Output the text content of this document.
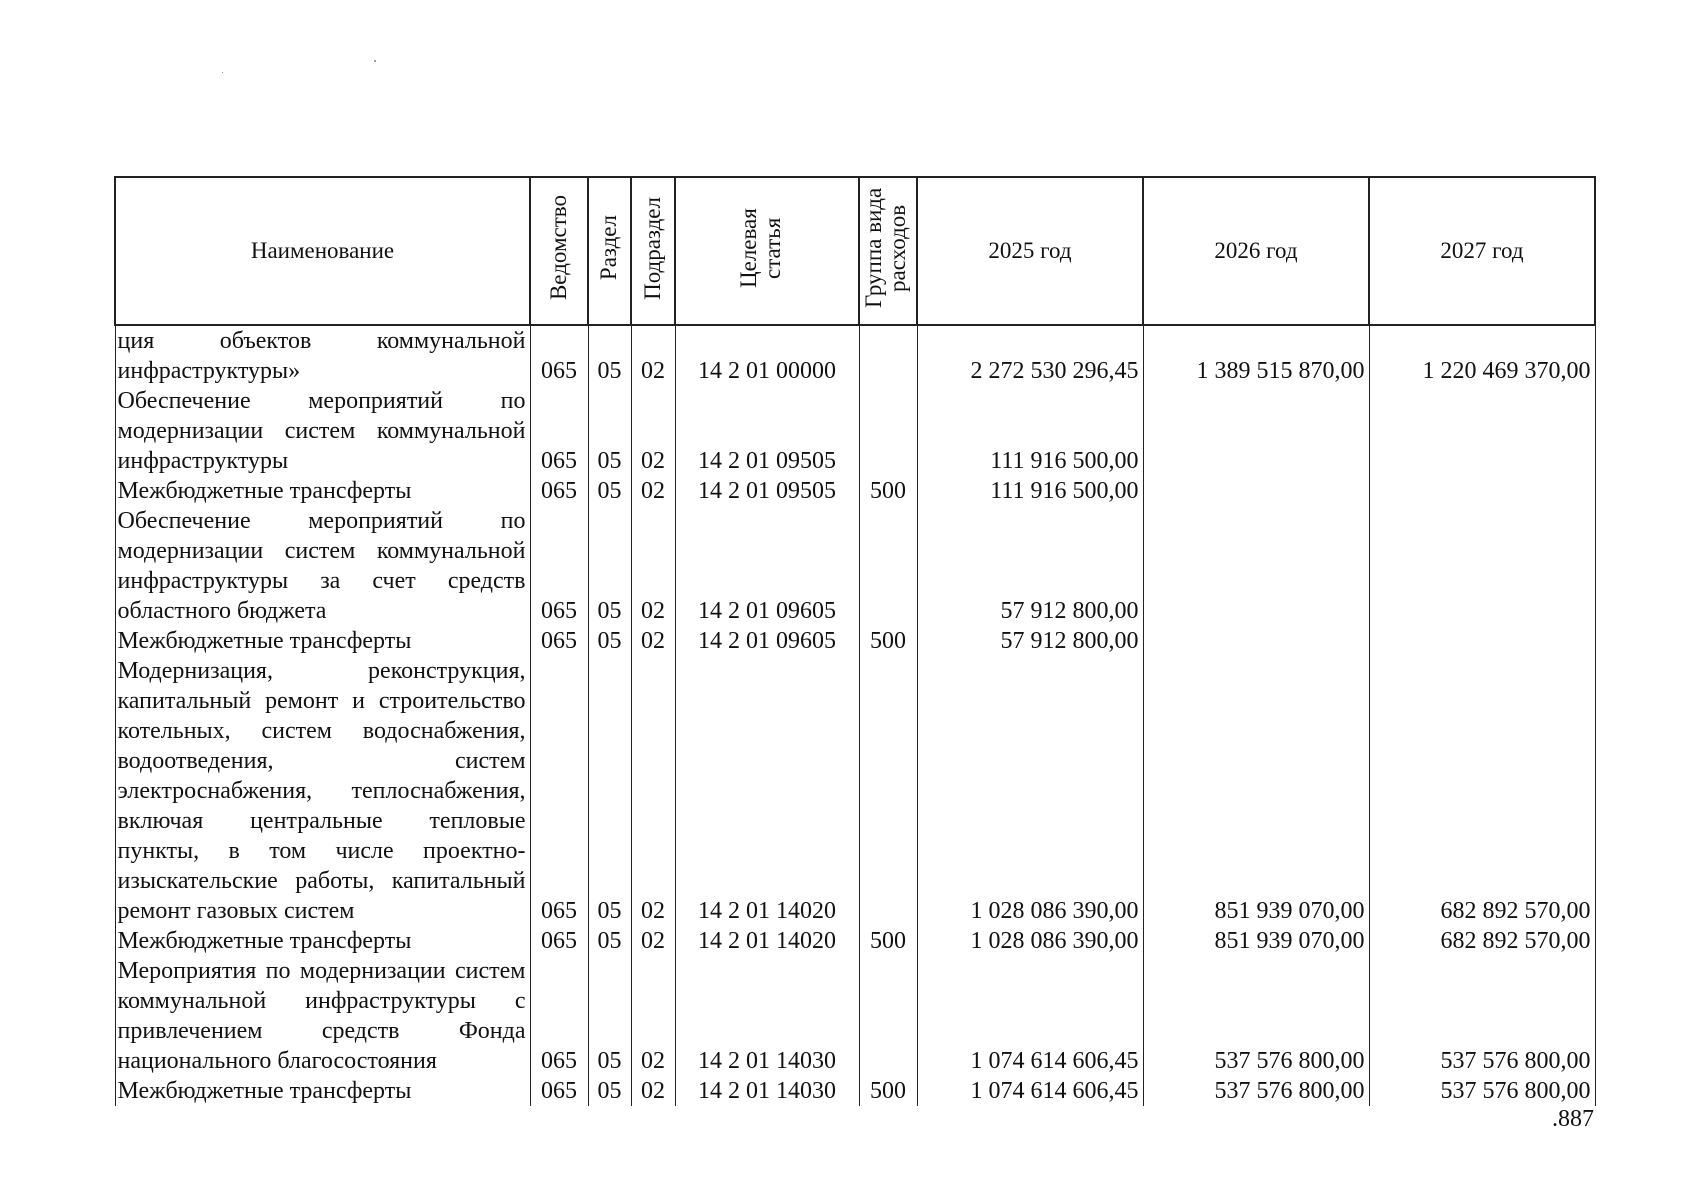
Наименование	Ведомство	Раздел	Подраздел	Целевая статья	Группа вида расходов	2025 год	2026 год	2027 год
ция объектов коммунальной инфраструктуры»	065	05	02	14 2 01 00000		2 272 530 296,45	1 389 515 870,00	1 220 469 370,00
Обеспечение мероприятий по модернизации систем коммунальной инфраструктуры	065	05	02	14 2 01 09505		111 916 500,00		
Межбюджетные трансферты	065	05	02	14 2 01 09505	500	111 916 500,00		
Обеспечение мероприятий по модернизации систем коммунальной инфраструктуры за счет средств областного бюджета	065	05	02	14 2 01 09605		57 912 800,00		
Межбюджетные трансферты	065	05	02	14 2 01 09605	500	57 912 800,00		
Модернизация, реконструкция, капитальный ремонт и строительство котельных, систем водоснабжения, водоотведения, систем электроснабжения, теплоснабжения, включая центральные тепловые пункты, в том числе проектно-изыскательские работы, капитальный ремонт газовых систем	065	05	02	14 2 01 14020		1 028 086 390,00	851 939 070,00	682 892 570,00
Межбюджетные трансферты	065	05	02	14 2 01 14020	500	1 028 086 390,00	851 939 070,00	682 892 570,00
Мероприятия по модернизации систем коммунальной инфраструктуры с привлечением средств Фонда национального благосостояния	065	05	02	14 2 01 14030		1 074 614 606,45	537 576 800,00	537 576 800,00
Межбюджетные трансферты	065	05	02	14 2 01 14030	500	1 074 614 606,45	537 576 800,00	537 576 800,00
.887
